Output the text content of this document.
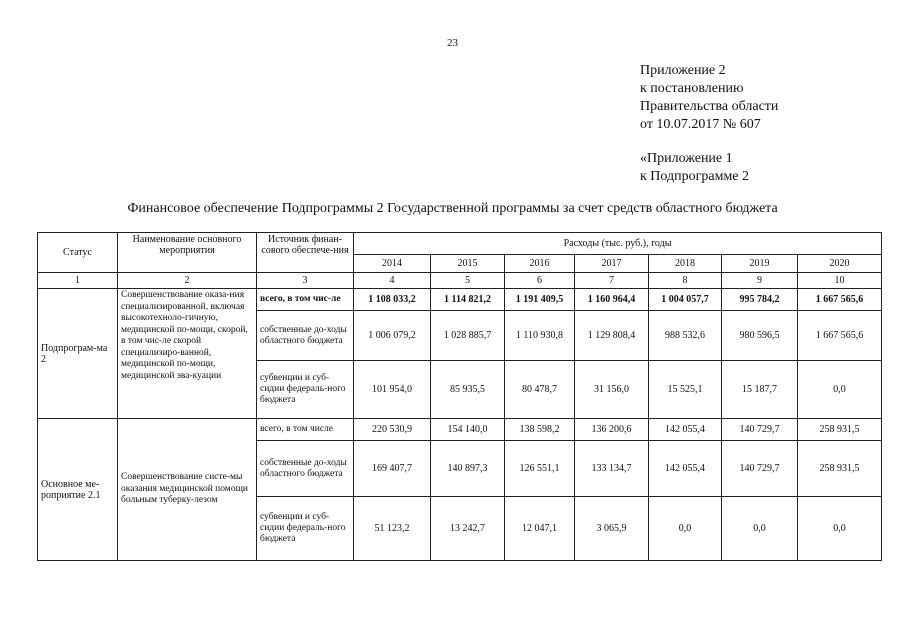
23
Приложение 2
к постановлению
Правительства области
от 10.07.2017 № 607
«Приложение 1
к Подпрограмме 2
Финансовое обеспечение Подпрограммы 2 Государственной программы за счет средств областного бюджета
Статус	Наименование основного мероприятия	Источник финан-сового обеспече-ния	Расходы (тыс. руб.), годы						
			2014	2015	2016	2017	2018	2019	2020
1	2	3	4	5	6	7	8	9	10
Подпрограм-ма 2	Совершенствование оказа-ния специализированной, включая высокотехноло-гичную, медицинской по-мощи, скорой, в том чис-ле скорой специализиро-ванной, медицинской по-мощи, медицинской эва-куации	всего, в том чис-ле	1 108 033,2	1 114 821,2	1 191 409,5	1 160 964,4	1 004 057,7	995 784,2	1 667 565,6
		собственные до-ходы областного бюджета	1 006 079,2	1 028 885,7	1 110 930,8	1 129 808,4	988 532,6	980 596,5	1 667 565,6
		субвенции и суб-сидии федераль-ного бюджета	101 954,0	85 935,5	80 478,7	31 156,0	15 525,1	15 187,7	0,0
Основное ме-роприятие 2.1	Совершенствование систе-мы оказания медицинской помощи больным туберку-лезом	всего, в том числе	220 530,9	154 140,0	138 598,2	136 200,6	142 055,4	140 729,7	258 931,5
		собственные до-ходы областного бюджета	169 407,7	140 897,3	126 551,1	133 134,7	142 055,4	140 729,7	258 931,5
		субвенции и суб-сидии федераль-ного бюджета	51 123,2	13 242,7	12 047,1	3 065,9	0,0	0,0	0,0
